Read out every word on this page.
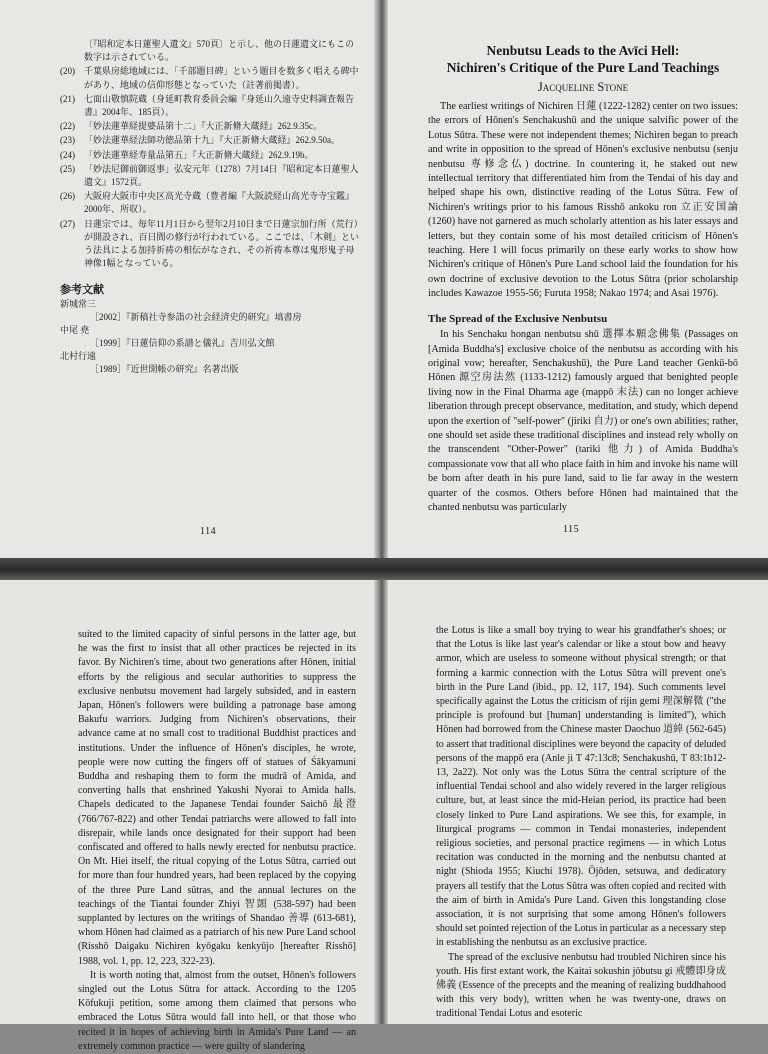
〔『昭和定本日蓮聖人遺文』570頁〕と示し、他の日蓮遺文にもこの数字は示されている。
(20)	千葉県房総地域には、「千部題目碑」という題目を数多く唱える碑中があり、地域の信仰形態となっていた（註著前掲書）。
(21)	七面山敬慎院蔵（身延町教育委員会編『身延山久遠寺史料調査報告書』2004年、185頁）。
(22)	「妙法蓮華経提婆品第十二」『大正新脩大蔵経』262.9.35c。
(23)	「妙法蓮華経法師功徳品第十九」『大正新脩大蔵経』262.9.50a。
(24)	「妙法蓮華経寿量品第五」『大正新脩大蔵経』262.9.19b。
(25)	「妙法尼御前御返事」弘安元年（1278）7月14日『昭和定本日蓮聖人遺文』1572頁。
(26)	大阪府大阪市中央区高光寺蔵（豊者編『大阪読経山高光寺寺宝鑑』2000年、所収）。
(27)	日蓮宗では、毎年11月1日から翌年2月10日まで日蓮宗加行所（荒行）が開設され、百日間の修行が行われている。ここでは、「木剣」という法具による加持祈祷の相伝がなされ、その祈祷本尊は鬼形鬼子母神像1幅となっている。
参考文献
新城常三
［2002］『新稿社寺参詣の社会経済史的研究』塙書房
中尾 堯
［1999］『日蓮信仰の系譜と儀礼』吉川弘文館
北村行遠
［1989］『近世開帳の研究』名著出版
114
Nenbutsu Leads to the Avīci Hell:
Nichiren's Critique of the Pure Land Teachings
Jacqueline Stone

The earliest writings of Nichiren 日蓮 (1222-1282) center on two issues: the errors of Hōnen's Senchakushū and the unique salvific power of the Lotus Sūtra. These were not independent themes; Nichiren began to preach and write in opposition to the spread of Hōnen's exclusive nenbutsu (senju nenbutsu 専修念仏) doctrine. In countering it, he staked out new intellectual territory that differentiated him from the Tendai of his day and helped shape his own, distinctive reading of the Lotus Sūtra. Few of Nichiren's writings prior to his famous Risshō ankoku ron 立正安国論 (1260) have not garnered as much scholarly attention as his later essays and letters, but they contain some of his most detailed criticism of Hōnen's teaching. Here I will focus primarily on these early works to show how Nichiren's critique of Hōnen's Pure Land school laid the foundation for his own doctrine of exclusive devotion to the Lotus Sūtra (prior scholarship includes Kawazoe 1955-56; Furuta 1958; Nakao 1974; and Asai 1976).

The Spread of the Exclusive Nenbutsu

In his Senchaku hongan nenbutsu shū 選擇本願念佛集 (Passages on [Amida Buddha's] exclusive choice of the nenbutsu as according with his original vow; hereafter, Senchakushū), the Pure Land teacher Genkū-bō Hōnen 源空房法然 (1133-1212) famously argued that benighted people living now in the Final Dharma age (mappō 末法) can no longer achieve liberation through precept observance, meditation, and study, which depend upon the exertion of "self-power" (jiriki 自力) or one's own abilities; rather, one should set aside these traditional disciplines and instead rely wholly on the transcendent "Other-Power" (tariki 他力) of Amida Buddha's compassionate vow that all who place faith in him and invoke his name will be born after death in his pure land, said to lie far away in the western quarter of the cosmos. Others before Hōnen had maintained that the chanted nenbutsu was particularly

115

suited to the limited capacity of sinful persons in the latter age, but he was the first to insist that all other practices be rejected in its favor. By Nichiren's time, about two generations after Hōnen, initial efforts by the religious and secular authorities to suppress the exclusive nenbutsu movement had largely subsided, and in eastern Japan, Hōnen's followers were building a patronage base among Bakufu warriors. Judging from Nichiren's observations, their advance came at no small cost to traditional Buddhist practices and institutions. Under the influence of Hōnen's disciples, he wrote, people were now cutting the fingers off of statues of Śākyamuni Buddha and reshaping them to form the mudrā of Amida, and converting halls that enshrined Yakushi Nyorai to Amida halls. Chapels dedicated to the Japanese Tendai founder Saichō 最澄 (766/767-822) and other Tendai patriarchs were allowed to fall into disrepair, while lands once designated for their support had been confiscated and offered to halls newly erected for nenbutsu practice. On Mt. Hiei itself, the ritual copying of the Lotus Sūtra, carried out for more than four hundred years, had been replaced by the copying of the three Pure Land sūtras, and the annual lectures on the teachings of the Tiantai founder Zhiyi 智顗 (538-597) had been supplanted by lectures on the writings of Shandao 善導 (613-681), whom Hōnen had claimed as a patriarch of his new Pure Land school (Risshō Daigaku Nichiren kyōgaku kenkyūjo [hereafter Risshō] 1988, vol. 1, pp. 12, 223, 322-23).

It is worth noting that, almost from the outset, Hōnen's followers singled out the Lotus Sūtra for attack. According to the 1205 Kōfukuji petition, some among them claimed that persons who embraced the Lotus Sūtra would fall into hell, or that those who recited it in hopes of achieving birth in Amida's Pure Land — an extremely common practice — were guilty of slandering

the Lotus is like a small boy trying to wear his grandfather's shoes; or that the Lotus is like last year's calendar or like a stout bow and heavy armor, which are useless to someone without physical strength; or that forming a karmic connection with the Lotus Sūtra will prevent one's birth in the Pure Land (ibid., pp. 12, 117, 194). Such comments level specifically against the Lotus the criticism of rijin gemi 理深解微 ("the principle is profound but [human] understanding is limited"), which Hōnen had borrowed from the Chinese master Daochuo 道綽 (562-645) to assert that traditional disciplines were beyond the capacity of deluded persons of the mappō era (Anle ji T 47:13c8; Senchakushū, T 83:1b12-13, 2a22). Not only was the Lotus Sūtra the central scripture of the influential Tendai school and also widely revered in the larger religious culture, but, at least since the mid-Heian period, its practice had been closely linked to Pure Land aspirations. We see this, for example, in liturgical programs — common in Tendai monasteries, independent religious societies, and personal practice regimens — in which Lotus recitation was conducted in the morning and the nenbutsu chanted at night (Shioda 1955; Kiuchi 1978). Ōjōden, setsuwa, and dedicatory prayers all testify that the Lotus Sūtra was often copied and recited with the aim of birth in Amida's Pure Land. Given this longstanding close association, it is not surprising that some among Hōnen's followers should set pointed rejection of the Lotus in particular as a necessary step in establishing the nenbutsu as an exclusive practice.

The spread of the exclusive nenbutsu had troubled Nichiren since his youth. His first extant work, the Kaitai sokushin jōbutsu gi 戒體即身成佛義 (Essence of the precepts and the meaning of realizing buddhahood with this very body), written when he was twenty-one, draws on traditional Tendai Lotus and esoteric
